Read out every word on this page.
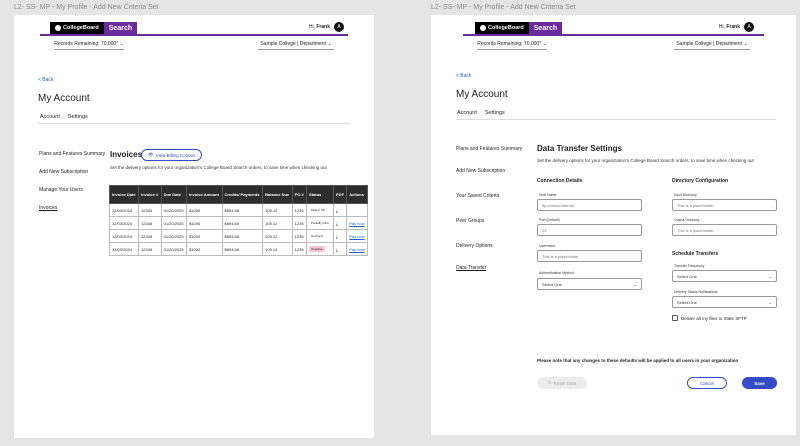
L2- SS- MP - My Profile - Add New Criteria Set
CollegeBoard	Search	Hi, Frank	A
Records Remaining: 70,000* ⌄	Sample College | Department ⌄
< Back
My Account
Account Settings
Plans and Features Summary
Add New Subscription
Manage Your Users
Invoices
Invoices 👁 View Billing Contact
Set the delivery options for your organization's College Board Search orders, to save time when checking out
Invoice Date	Invoice #	Due Date	Invoice Amount	Credits/ Payments	Balance Due	PO #	Status	PDF	Actions
12/03/2024	12345	01/20/2025	$1000	$894.68	105.12	1235	Paid in full	⤓	
12/03/2024	12345	01/20/2025	$1000	$894.68	105.12	1235	Partially Paid	⤓	Pay now
12/03/2024	12345	01/20/2025	$1000	$894.68	105.12	1235	Not Paid	⤓	Pay now
12/03/2024	12345	01/20/2025	$1000	$894.68	105.12	1235	Overdue	⤓	Pay now
L2- SS- MP - My Profile - Add New Criteria Set
CollegeBoard	Search	Hi, Frank	A
Records Remaining: 70,000* ⌄	Sample College | Department ⌄
< Back
My Account
Account Settings
Plans and Features Summary
Add New Subscription
Your Saved Criteria
Peer Groups
Delivery Options
Data Transfer
Data Transfer Settings
Set the delivery options for your organization's College Board Search orders, to save time when checking out
Connection Details
Host Name
ftp.ncmsdomis.net
Port (Default)
22
Username
This is a placeholder
Authentication Method
Select One	⌄
Directory Configuration
Input Directory
This is a placeholder
Output Directory
This is a placeholder
Schedule Transfers
Transfer Frequency
Select One	⌄
Delivery Status Notifications
Select One	⌄
Deliver all my files to State SFTP
Please note that any changes to these defaults will be applied to all users in your organization
↻ Reset Data	Cancel	Save
